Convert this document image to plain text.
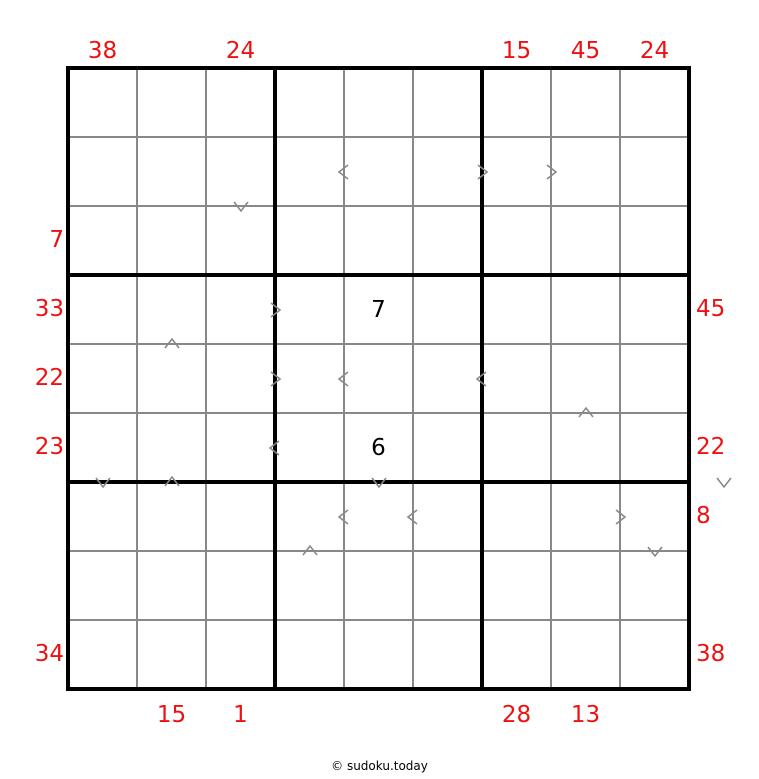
38	24	15	45	24
15	1	28	13
7
33
22
23
34
45
22
8
38
7
6
© sudoku.today
